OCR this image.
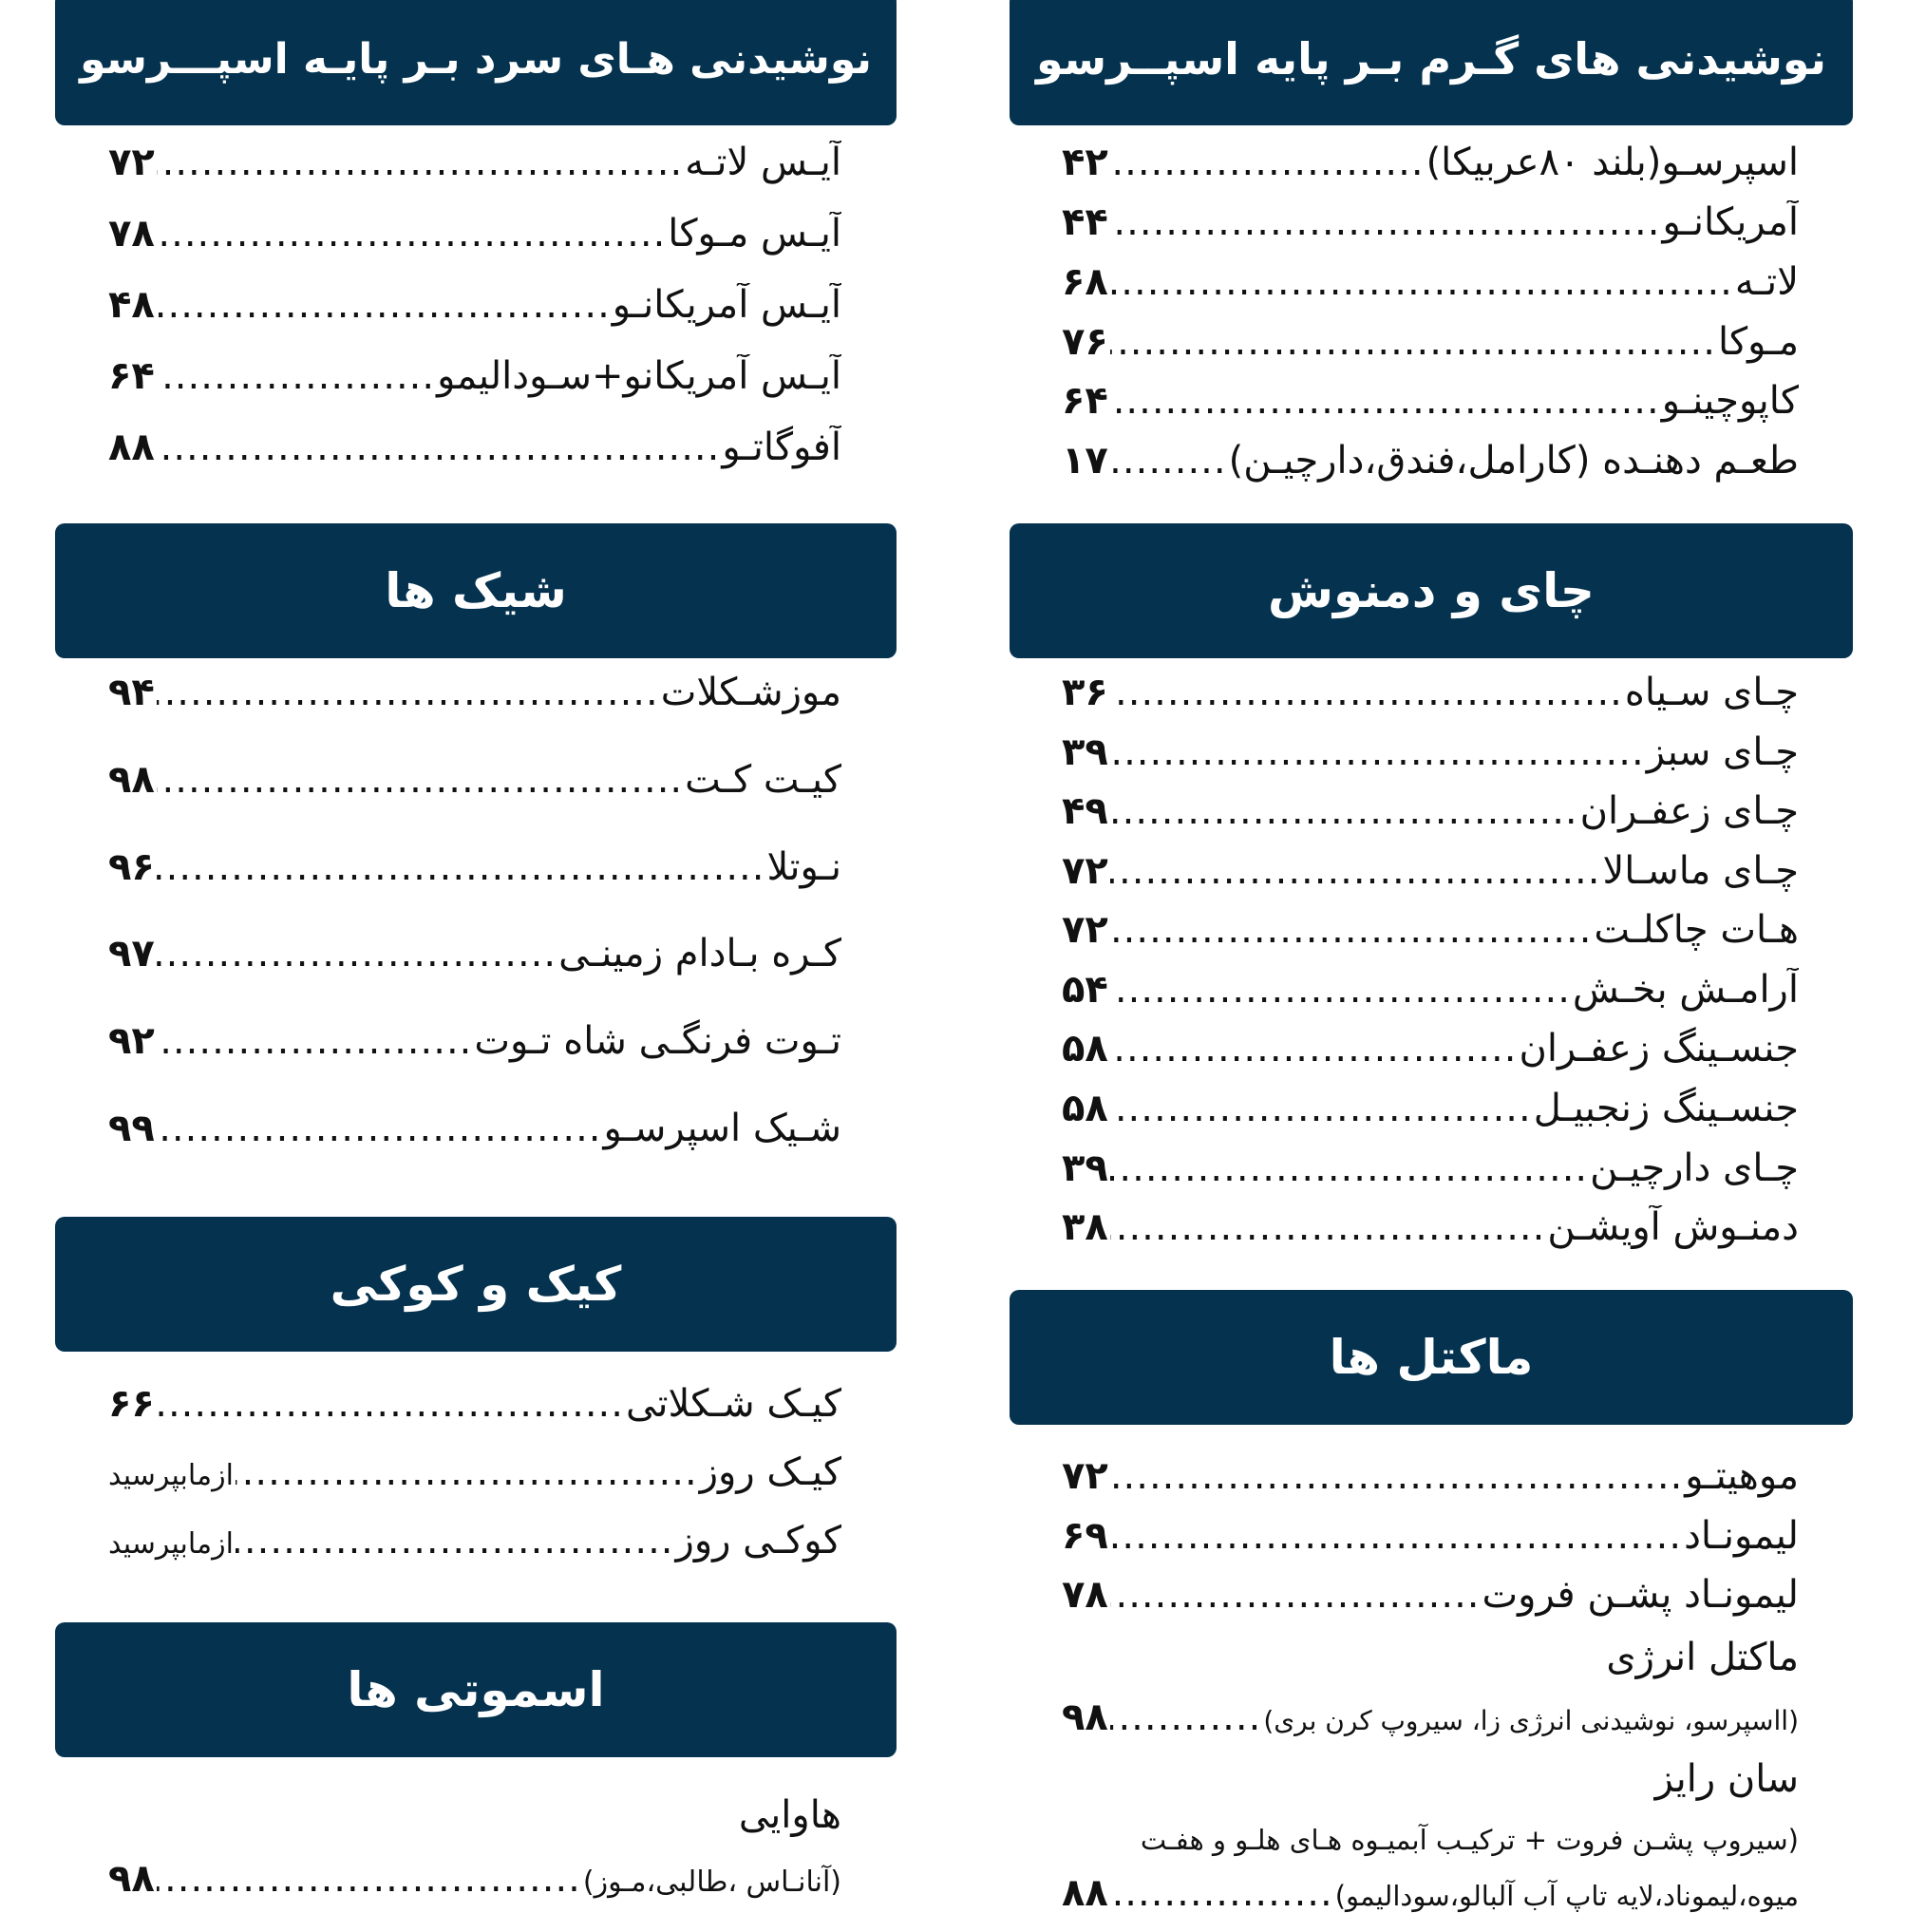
نوشیدنی های گـرم بـر پایه اسپــرسو
اسپرسـو(بلند ۸۰عربیکا)
.....
۴۲
آمریکانـو
.....
۴۴
لاتـه
.....
۶۸
مـوکا
.....
۷۶
کاپوچینـو
.....
۶۴
طعـم دهنـده (کارامل،فندق،دارچیـن)
.....
۱۷
چای و دمنوش
چـای سـیاه
.....
۳۶
چـای سبز
.....
۳۹
چـای زعفـران
.....
۴۹
چـای ماسـالا
.....
۷۲
هـات چاکلـت
.....
۷۲
آرامـش بخـش
.....
۵۴
جنسـینگ زعفـران
.....
۵۸
جنسـینگ زنجبیـل
.....
۵۸
چـای دارچیـن
.....
۳۹
دمنـوش آویشـن
.....
۳۸
ماکتل ها
موهیتـو
.....
۷۲
لیمونـاد
.....
۶۹
لیمونـاد پشـن فروت
.....
۷۸
ماکتل انرژی
(ااسپرسو، نوشیدنی انرژی زا، سیروپ کرن بری)
.....
۹۸
سان رایز
(سیروپ پشـن فروت + ترکیـب آبمیـوه هـای هلـو و هفـت
میوه،لیموناد،لایه تاپ آب آلبالو،سودالیمو)
.....
۸۸
نوشیدنی هـای سرد بـر پایـه اسپـــرسو
آیـس لاتـه
.....
۷۲
آیـس مـوکا
.....
۷۸
آیـس آمریکانـو
.....
۴۸
آیـس آمریکانو+سـودالیمو
.....
۶۴
آفوگاتـو
.....
۸۸
شیک ها
موزشـکلات
.....
۹۴
کیـت کـت
.....
۹۸
نـوتلا
.....
۹۶
کـره بـادام زمینـی
.....
۹۷
تـوت فرنگـی شاه تـوت
.....
۹۲
شـیک اسپرسـو
.....
۹۹
کیک و کوکی
کیـک شـکلاتی
.....
۶۶
کیـک روز
.....
ازمابپرسید
کوکـی روز
.....
ازمابپرسید
اسموتی ها
هاوایی
(آنانـاس ،طالبی،مـوز)
.....
۹۸
